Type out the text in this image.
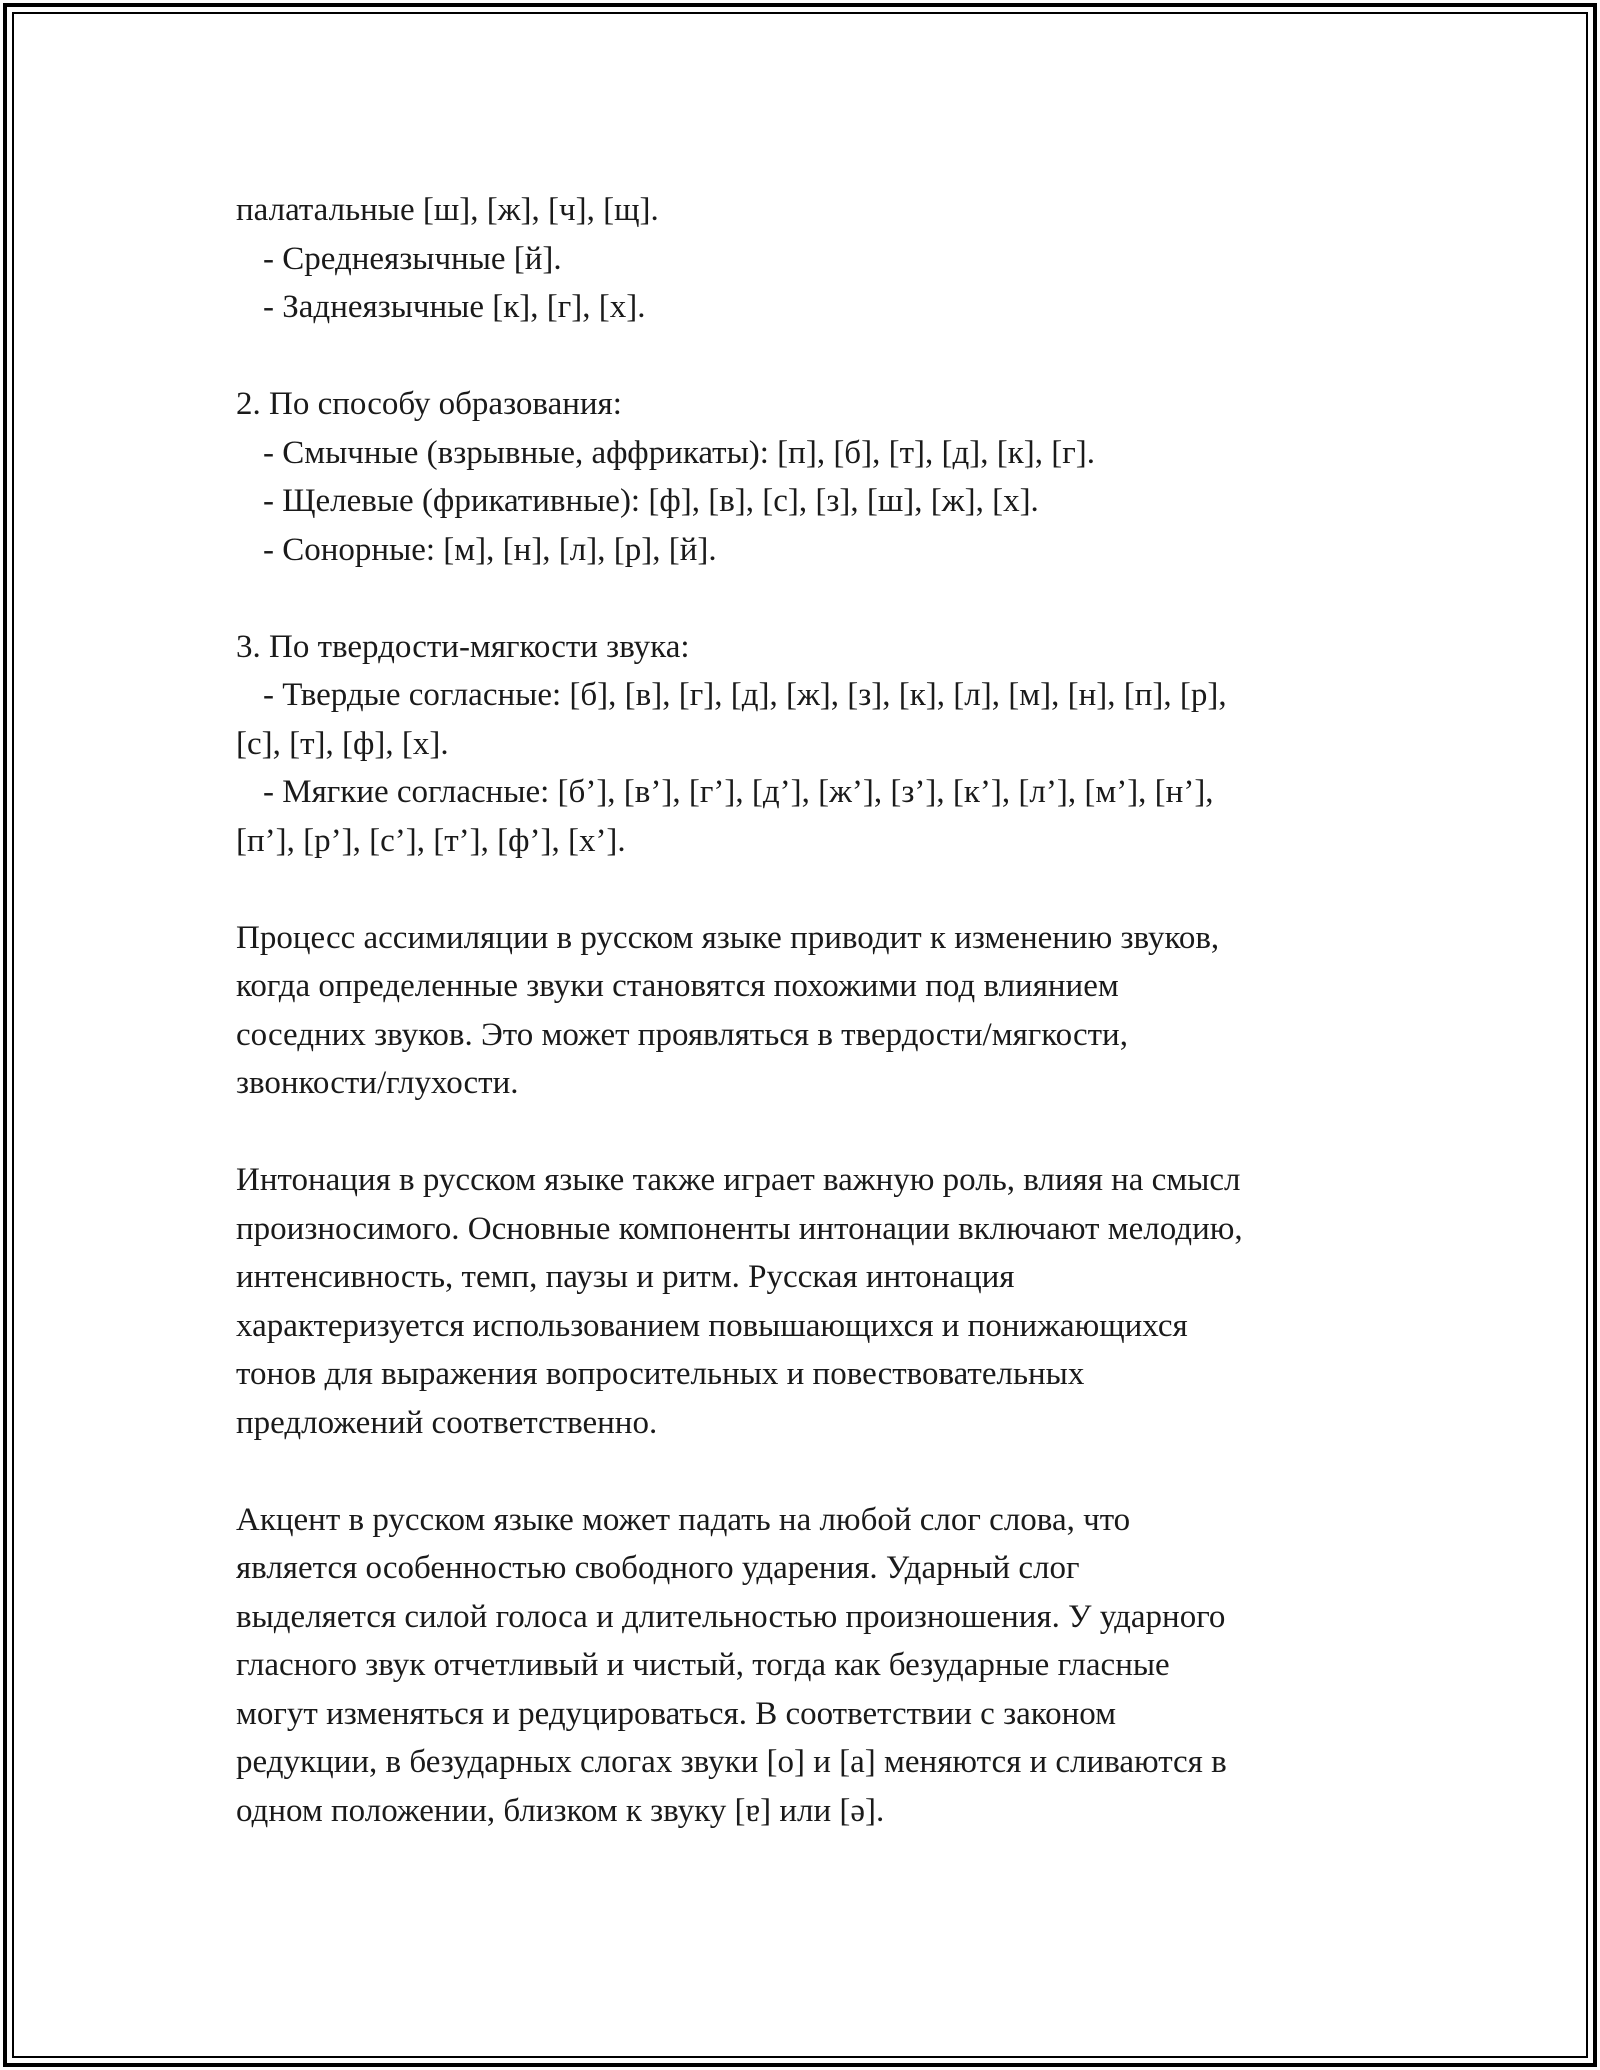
палатальные [ш], [ж], [ч], [щ].
- Среднеязычные [й].
- Заднеязычные [к], [г], [х].
2. По способу образования:
- Смычные (взрывные, аффрикаты): [п], [б], [т], [д], [к], [г].
- Щелевые (фрикативные): [ф], [в], [с], [з], [ш], [ж], [х].
- Сонорные: [м], [н], [л], [р], [й].
3. По твердости-мягкости звука:
- Твердые согласные: [б], [в], [г], [д], [ж], [з], [к], [л], [м], [н], [п], [р],
[с], [т], [ф], [х].
- Мягкие согласные: [б’], [в’], [г’], [д’], [ж’], [з’], [к’], [л’], [м’], [н’],
[п’], [р’], [с’], [т’], [ф’], [х’].
Процесс ассимиляции в русском языке приводит к изменению звуков,
когда определенные звуки становятся похожими под влиянием
соседних звуков. Это может проявляться в твердости/мягкости,
звонкости/глухости.
Интонация в русском языке также играет важную роль, влияя на смысл
произносимого. Основные компоненты интонации включают мелодию,
интенсивность, темп, паузы и ритм. Русская интонация
характеризуется использованием повышающихся и понижающихся
тонов для выражения вопросительных и повествовательных
предложений соответственно.
Акцент в русском языке может падать на любой слог слова, что
является особенностью свободного ударения. Ударный слог
выделяется силой голоса и длительностью произношения. У ударного
гласного звук отчетливый и чистый, тогда как безударные гласные
могут изменяться и редуцироваться. В соответствии с законом
редукции, в безударных слогах звуки [о] и [а] меняются и сливаются в
одном положении, близком к звуку [ɐ] или [ə].
